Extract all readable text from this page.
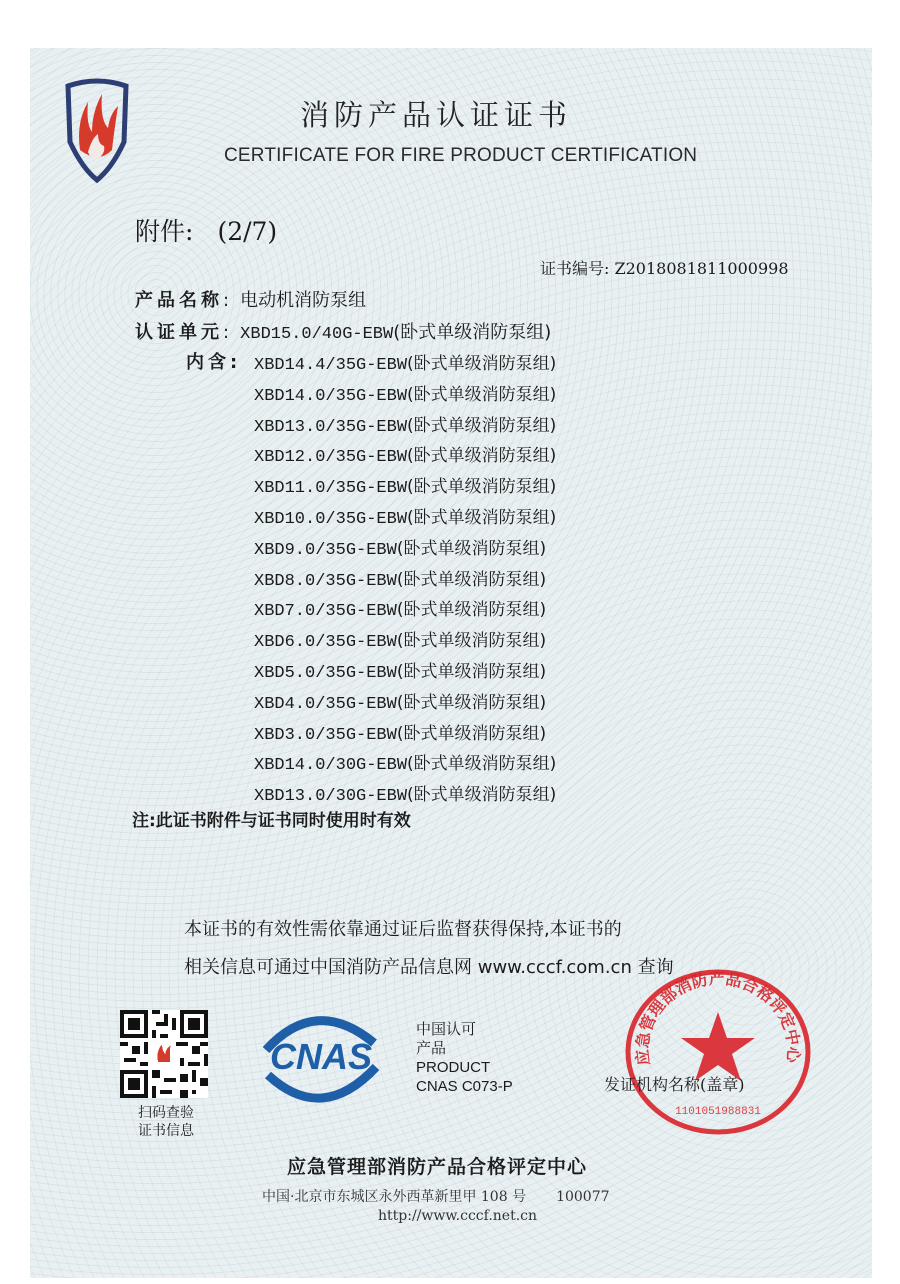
消防产品认证证书
CERTIFICATE FOR FIRE PRODUCT CERTIFICATION
附件: (2/7)
证书编号: Z2018081811000998
产品名称: 电动机消防泵组
认证单元: XBD15.0/40G-EBW(卧式单级消防泵组)
内含: XBD14.4/35G-EBW(卧式单级消防泵组)
XBD14.0/35G-EBW(卧式单级消防泵组)
XBD13.0/35G-EBW(卧式单级消防泵组)
XBD12.0/35G-EBW(卧式单级消防泵组)
XBD11.0/35G-EBW(卧式单级消防泵组)
XBD10.0/35G-EBW(卧式单级消防泵组)
XBD9.0/35G-EBW(卧式单级消防泵组)
XBD8.0/35G-EBW(卧式单级消防泵组)
XBD7.0/35G-EBW(卧式单级消防泵组)
XBD6.0/35G-EBW(卧式单级消防泵组)
XBD5.0/35G-EBW(卧式单级消防泵组)
XBD4.0/35G-EBW(卧式单级消防泵组)
XBD3.0/35G-EBW(卧式单级消防泵组)
XBD14.0/30G-EBW(卧式单级消防泵组)
XBD13.0/30G-EBW(卧式单级消防泵组)
注:此证书附件与证书同时使用时有效
本证书的有效性需依靠通过证后监督获得保持,本证书的
相关信息可通过中国消防产品信息网 www.cccf.com.cn 查询
扫码查验
证书信息
CNAS
中国认可
产品
PRODUCT
CNAS C073-P
应急管理部消防产品合格评定中心
1101051988831
发证机构名称(盖章)
应急管理部消防产品合格评定中心
中国·北京市东城区永外西革新里甲 108 号 100077
http://www.cccf.net.cn
